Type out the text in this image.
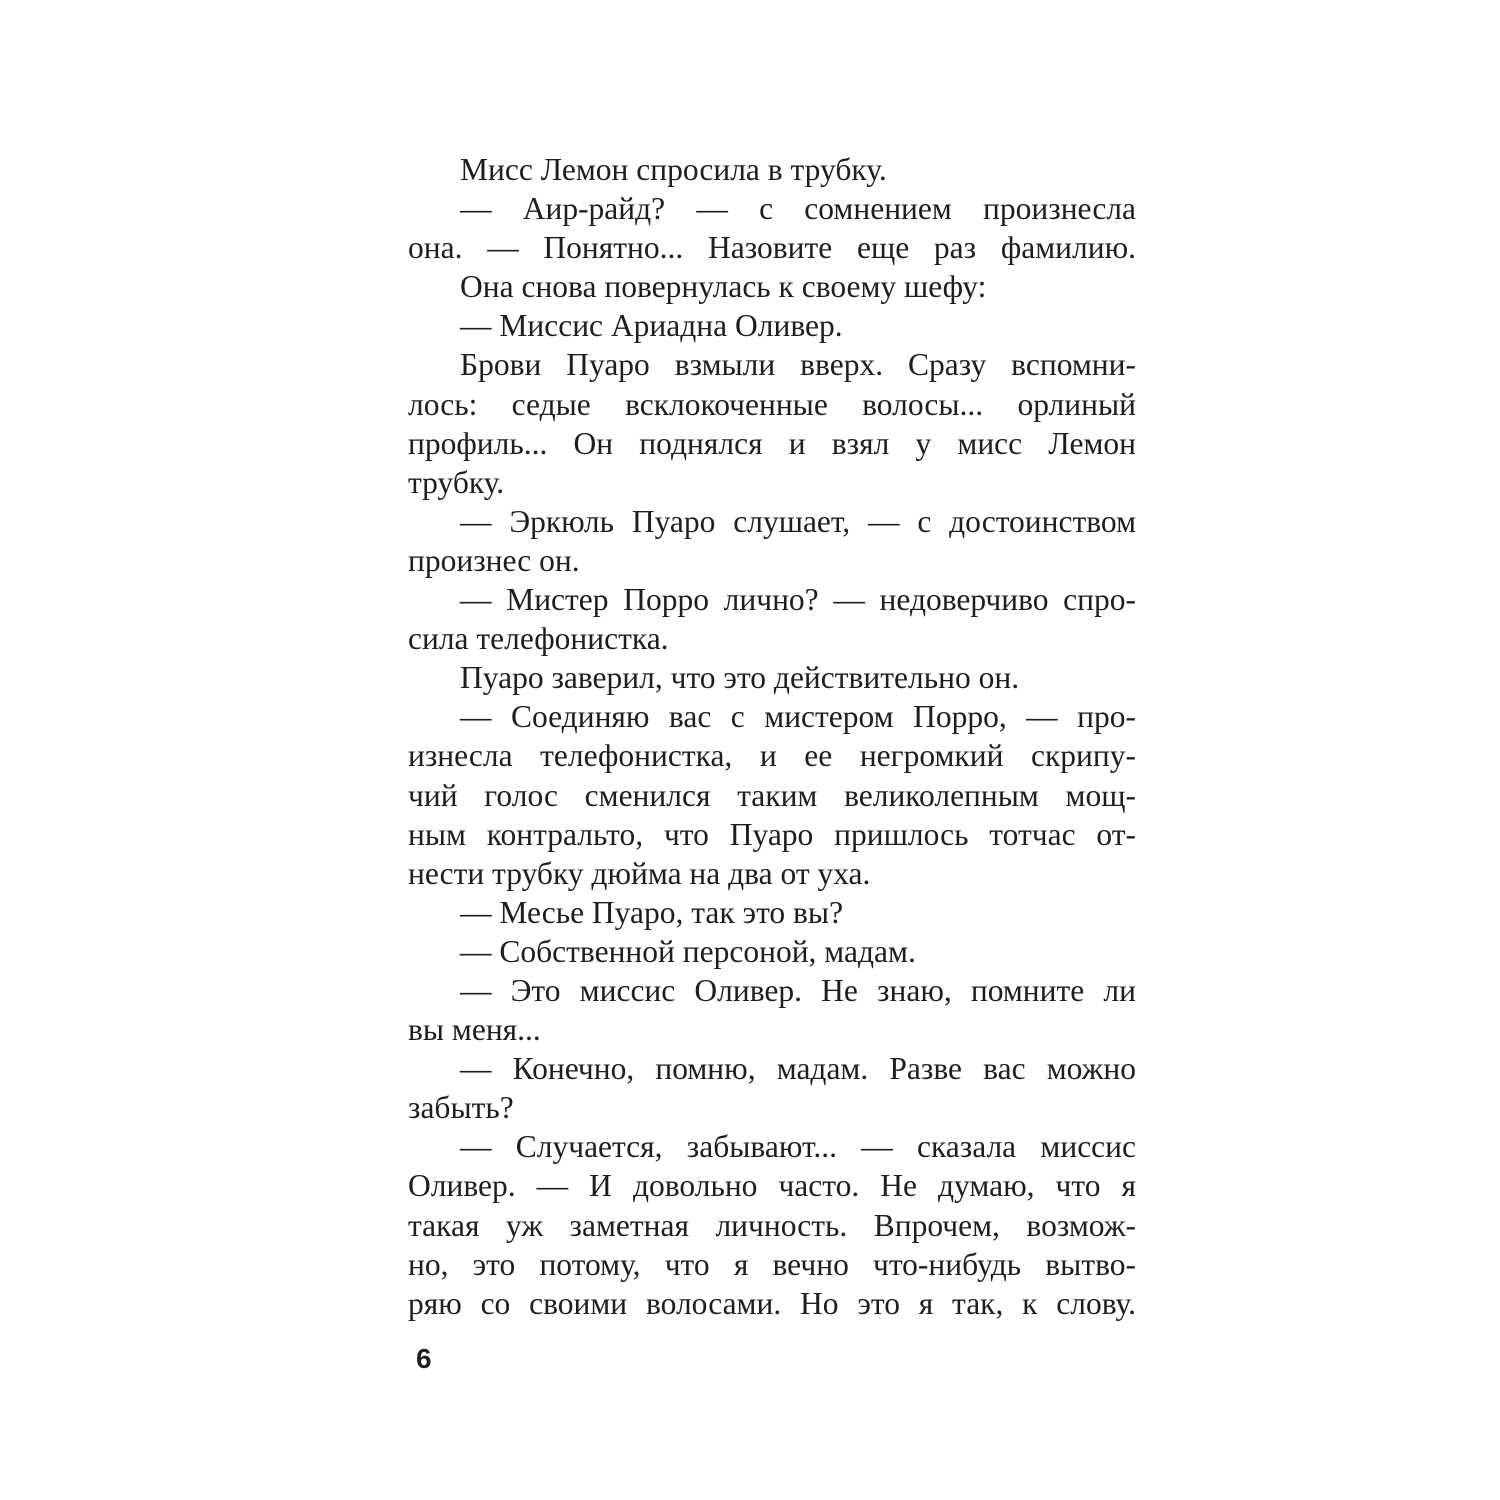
Мисс Лемон спросила в трубку.
— Аир-райд? — с сомнением произнесла
она. — Понятно... Назовите еще раз фамилию.
Она снова повернулась к своему шефу:
— Миссис Ариадна Оливер.
Брови Пуаро взмыли вверх. Сразу вспомни-
лось: седые всклокоченные волосы... орлиный
профиль... Он поднялся и взял у мисс Лемон
трубку.
— Эркюль Пуаро слушает, — с достоинством
произнес он.
— Мистер Порро лично? — недоверчиво спро-
сила телефонистка.
Пуаро заверил, что это действительно он.
— Соединяю вас с мистером Порро, — про-
изнесла телефонистка, и ее негромкий скрипу-
чий голос сменился таким великолепным мощ-
ным контральто, что Пуаро пришлось тотчас от-
нести трубку дюйма на два от уха.
— Месье Пуаро, так это вы?
— Собственной персоной, мадам.
— Это миссис Оливер. Не знаю, помните ли
вы меня...
— Конечно, помню, мадам. Разве вас можно
забыть?
— Случается, забывают... — сказала миссис
Оливер. — И довольно часто. Не думаю, что я
такая уж заметная личность. Впрочем, возмож-
но, это потому, что я вечно что-нибудь вытво-
ряю со своими волосами. Но это я так, к слову.
6
